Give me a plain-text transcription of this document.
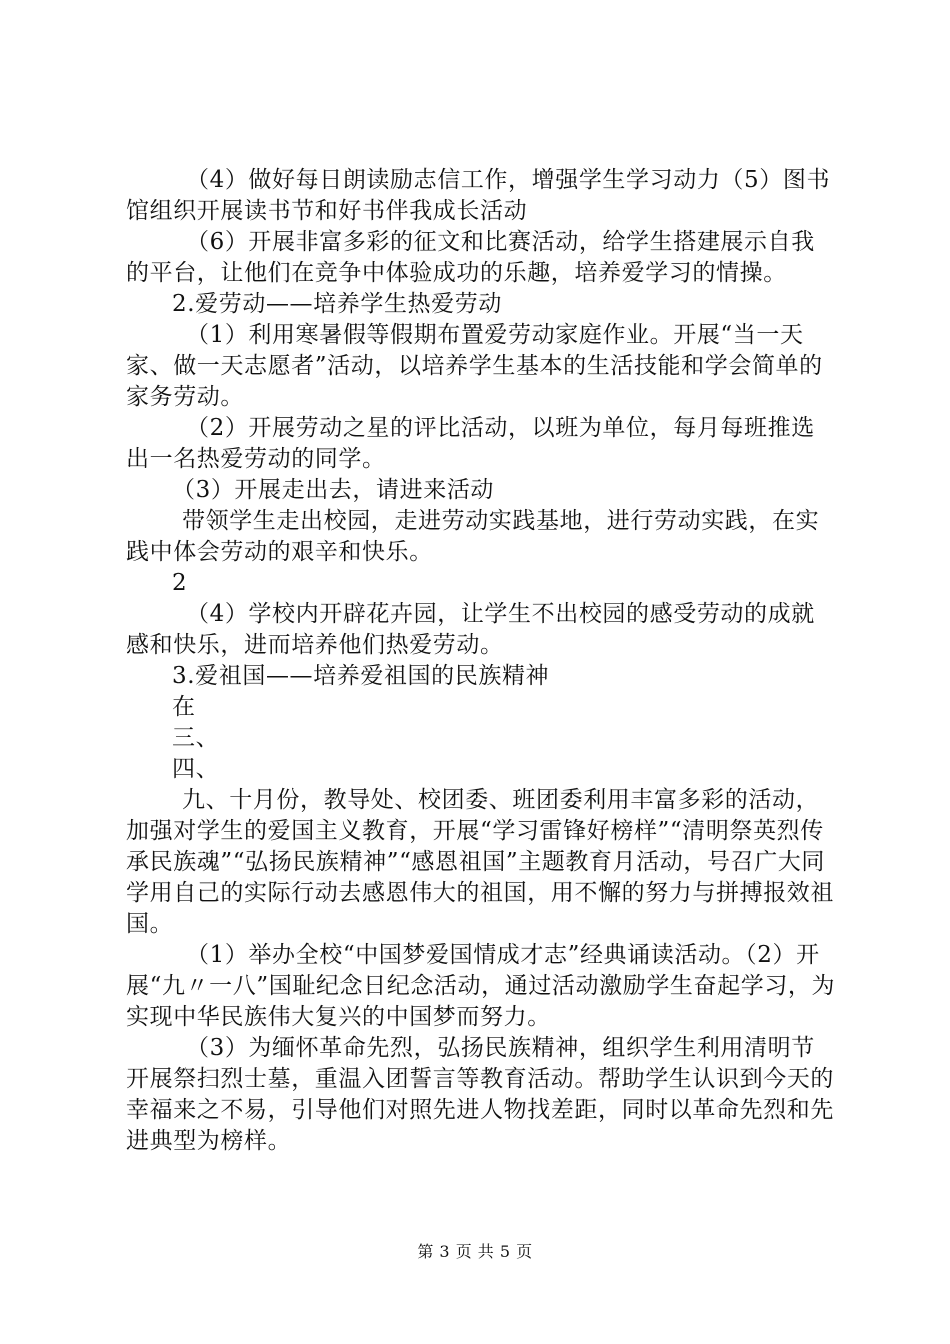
（4）做好每日朗读励志信工作，增强学生学习动力（5）图书馆组织开展读书节和好书伴我成长活动

（6）开展非富多彩的征文和比赛活动，给学生搭建展示自我的平台，让他们在竞争中体验成功的乐趣，培养爱学习的情操。

2.爱劳动——培养学生热爱劳动

（1）利用寒暑假等假期布置爱劳动家庭作业。开展“当一天家、做一天志愿者”活动，以培养学生基本的生活技能和学会简单的家务劳动。

（2）开展劳动之星的评比活动，以班为单位，每月每班推选出一名热爱劳动的同学。

（3）开展走出去，请进来活动

带领学生走出校园，走进劳动实践基地，进行劳动实践，在实践中体会劳动的艰辛和快乐。

2

（4）学校内开辟花卉园，让学生不出校园的感受劳动的成就感和快乐，进而培养他们热爱劳动。

3.爱祖国——培养爱祖国的民族精神

在

三、

四、

九、十月份，教导处、校团委、班团委利用丰富多彩的活动，加强对学生的爱国主义教育，开展“学习雷锋好榜样”“清明祭英烈传承民族魂”“弘扬民族精神”“感恩祖国”主题教育月活动，号召广大同学用自己的实际行动去感恩伟大的祖国，用不懈的努力与拼搏报效祖国。

（1）举办全校“中国梦爱国情成才志”经典诵读活动。（2）开展“九〃一八”国耻纪念日纪念活动，通过活动激励学生奋起学习，为实现中华民族伟大复兴的中国梦而努力。

（3）为缅怀革命先烈，弘扬民族精神，组织学生利用清明节开展祭扫烈士墓，重温入团誓言等教育活动。帮助学生认识到今天的幸福来之不易，引导他们对照先进人物找差距，同时以革命先烈和先进典型为榜样。

第 3 页 共 5 页
